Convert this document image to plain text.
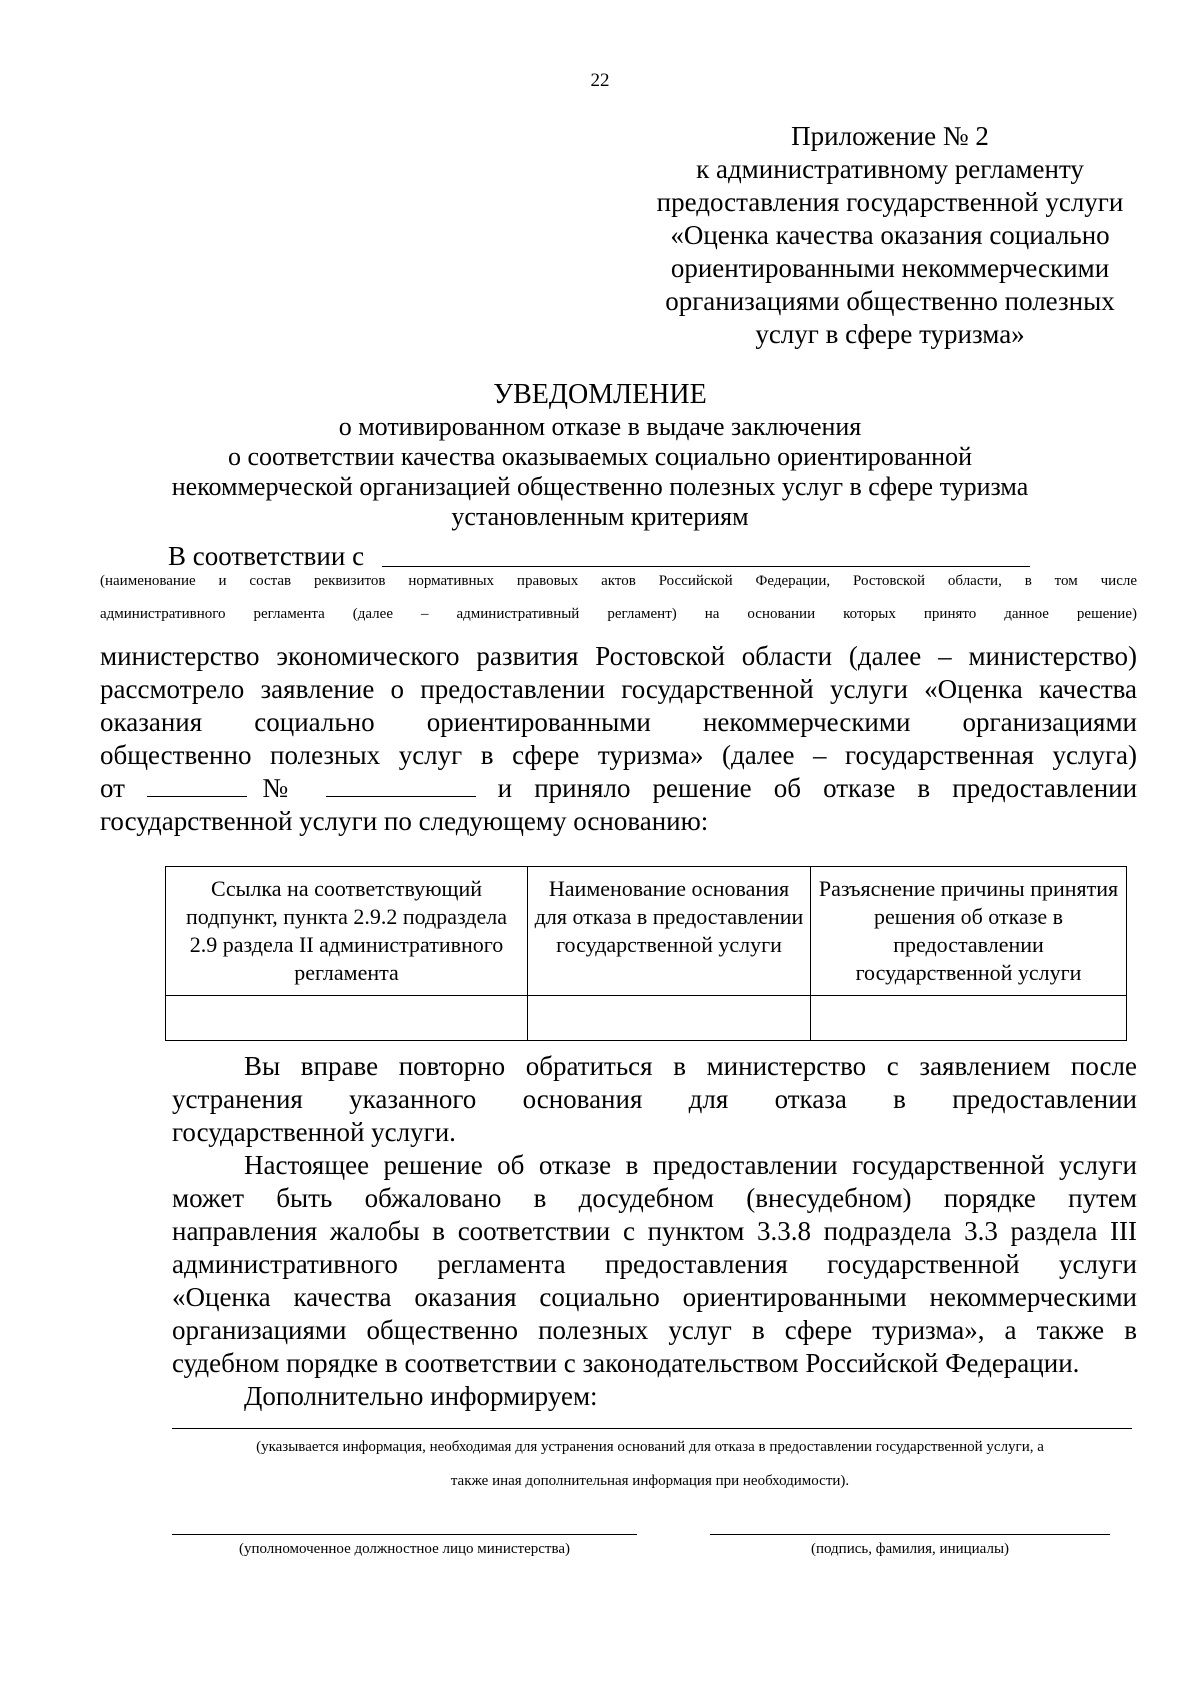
22
Приложение № 2
к административному регламенту
предоставления государственной услуги
«Оценка качества оказания социально
ориентированными некоммерческими
организациями общественно полезных
услуг в сфере туризма»
УВЕДОМЛЕНИЕ
о мотивированном отказе в выдаче заключения
о соответствии качества оказываемых социально ориентированной
некоммерческой организацией общественно полезных услуг в сфере туризма
установленным критериям
В соответствии с
(наименование и состав реквизитов нормативных правовых актов Российской Федерации, Ростовской области, в том числе
административного регламента (далее – административный регламент) на основании которых принято данное решение)
министерство экономического развития Ростовской области (далее – министерство)
рассмотрело заявление о предоставлении государственной услуги «Оценка качества
оказания социально ориентированными некоммерческими организациями
общественно полезных услуг в сфере туризма» (далее – государственная услуга)
от	№	и приняло решение об отказе в предоставлении
государственной услуги по следующему основанию:
Ссылка на соответствующий подпункт, пункта 2.9.2 подраздела 2.9 раздела II административного регламента	Наименование основания для отказа в предоставлении государственной услуги	Разъяснение причины принятия решения об отказе в предоставлении государственной услуги

Вы вправе повторно обратиться в министерство с заявлением после
устранения указанного основания для отказа в предоставлении
государственной услуги.
Настоящее решение об отказе в предоставлении государственной услуги
может быть обжаловано в досудебном (внесудебном) порядке путем
направления жалобы в соответствии с пунктом 3.3.8 подраздела 3.3 раздела III
административного регламента предоставления государственной услуги
«Оценка качества оказания социально ориентированными некоммерческими
организациями общественно полезных услуг в сфере туризма», а также в
судебном порядке в соответствии с законодательством Российской Федерации.
Дополнительно информируем:
(указывается информация, необходимая для устранения оснований для отказа в предоставлении государственной услуги, а
также иная дополнительная информация при необходимости).
(уполномоченное должностное лицо министерства)	(подпись, фамилия, инициалы)
